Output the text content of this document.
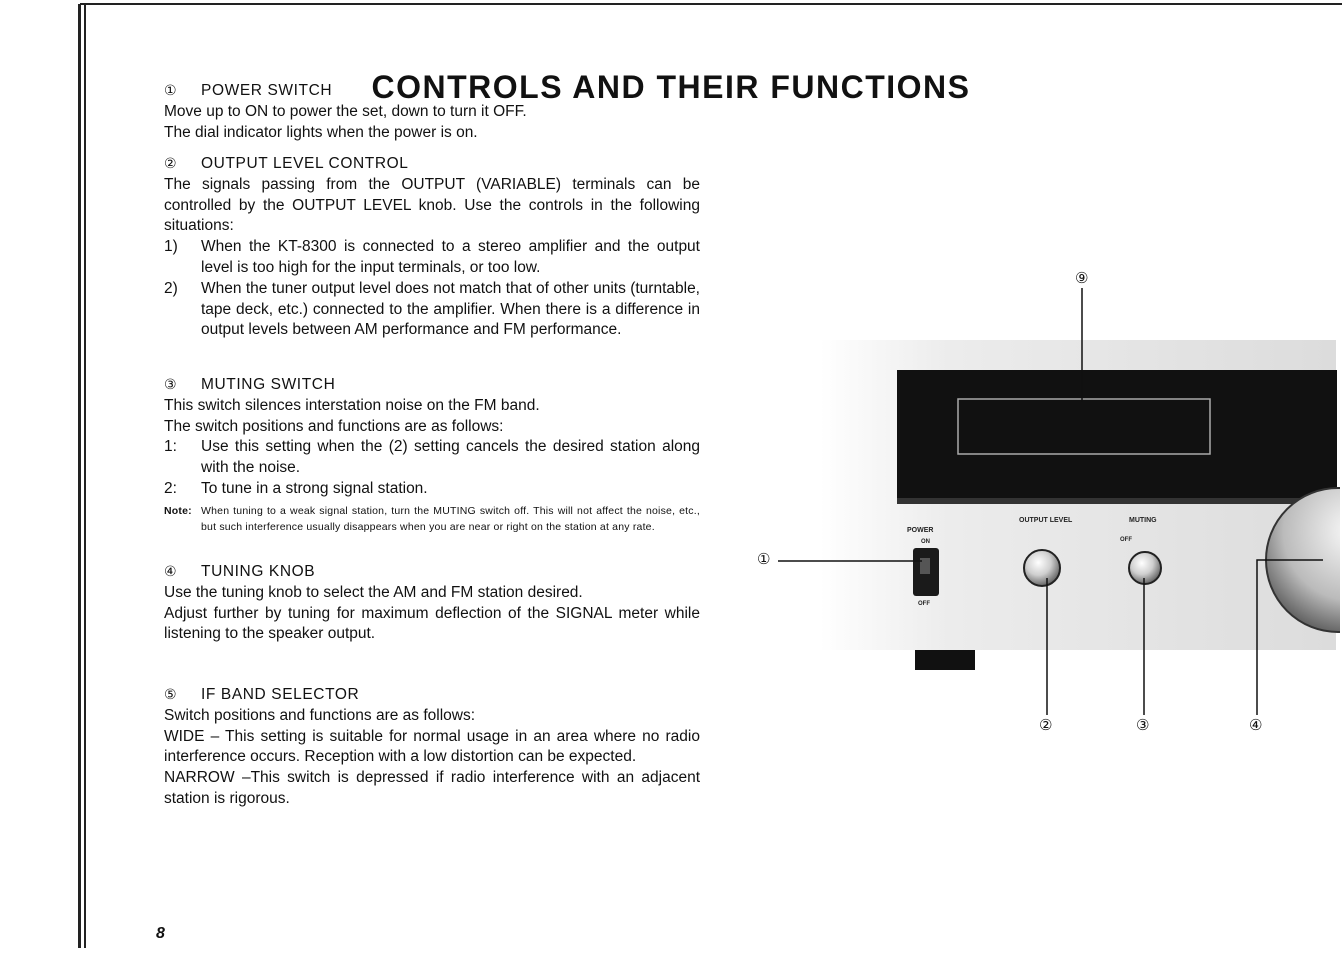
CONTROLS AND THEIR FUNCTIONS
① POWER SWITCH
Move up to ON to power the set, down to turn it OFF.
The dial indicator lights when the power is on.
② OUTPUT LEVEL CONTROL

The signals passing from the OUTPUT (VARIABLE) terminals can be controlled by the OUTPUT LEVEL knob. Use the controls in the following situations:

1)	When the KT-8300 is connected to a stereo amplifier and the output level is too high for the input terminals, or too low.
2)	When the tuner output level does not match that of other units (turntable, tape deck, etc.) connected to the amplifier. When there is a difference in output levels between AM performance and FM performance.
③ MUTING SWITCH
This switch silences interstation noise on the FM band.
The switch positions and functions are as follows:
1:	Use this setting when the (2) setting cancels the desired station along with the noise.
2:	To tune in a strong signal station.
Note: When tuning to a weak signal station, turn the MUTING switch off. This will not affect the noise, etc., but such interference usually disappears when you are near or right on the station at any rate.
④ TUNING KNOB
Use the tuning knob to select the AM and FM station desired.

Adjust further by tuning for maximum deflection of the SIGNAL meter while listening to the speaker output.

⑤ IF BAND SELECTOR
Switch positions and functions are as follows:

WIDE – This setting is suitable for normal usage in an area where no radio interference occurs. Reception with a low distortion can be expected.

NARROW –This switch is depressed if radio interference with an adjacent station is rigorous.

8
POWER
ON
OFF
OUTPUT LEVEL	MUTING
OFF
⑨
①
②	③	④
